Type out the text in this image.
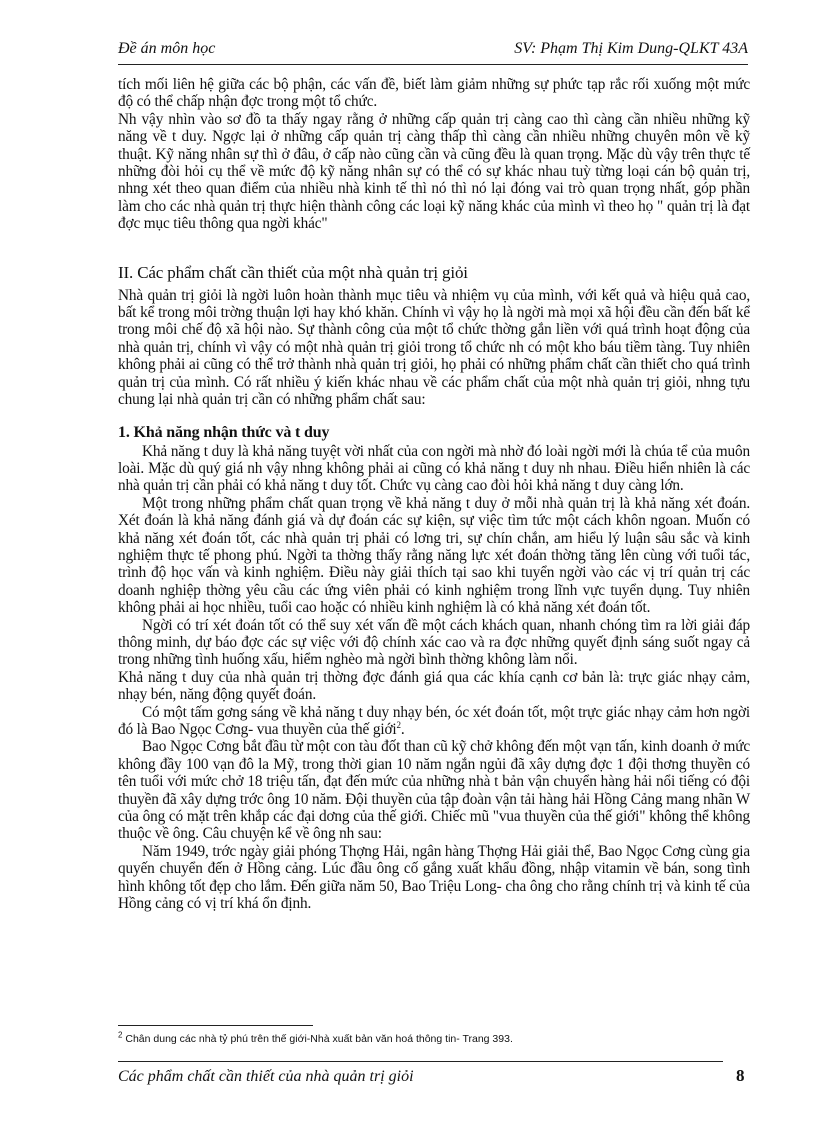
Đề án môn học	SV: Phạm Thị Kim Dung-QLKT 43A

tích mối liên hệ giữa các bộ phận, các vấn đề, biết làm giảm những sự phức tạp rắc rối xuống một mức độ có thể chấp nhận đợc trong một tổ chức.

Nh vậy nhìn vào sơ đồ ta thấy ngay rằng ở những cấp quản trị càng cao thì càng cần nhiều những kỹ năng về t duy. Ngợc lại ở những cấp quản trị càng thấp thì càng cần nhiều những chuyên môn về kỹ thuật. Kỹ năng nhân sự thì ở đâu, ở cấp nào cũng cần và cũng đều là quan trọng. Mặc dù vậy trên thực tế những đòi hỏi cụ thể về mức độ kỹ năng nhân sự có thể có sự khác nhau tuỳ từng loại cán bộ quản trị, nhng xét theo quan điểm của nhiều nhà kinh tế thì nó thì nó lại đóng vai trò quan trọng nhất, góp phần làm cho các nhà quản trị thực hiện thành công các loại kỹ năng khác của mình vì theo họ " quản trị là đạt đợc mục tiêu thông qua ngời khác"

II. Các phẩm chất cần thiết của một nhà quản trị giỏi

Nhà quản trị giỏi là ngời luôn hoàn thành mục tiêu và nhiệm vụ của mình, với kết quả và hiệu quả cao, bất kể trong môi trờng thuận lợi hay khó khăn. Chính vì vậy họ là ngời mà mọi xã hội đều cần đến bất kể trong môi chế độ xã hội nào. Sự thành công của một tổ chức thờng gắn liền với quá trình hoạt động của nhà quản trị, chính vì vậy có một nhà quản trị giỏi trong tổ chức nh có một kho báu tiềm tàng. Tuy nhiên không phải ai cũng có thể trở thành nhà quản trị giỏi, họ phải có những phẩm chất cần thiết cho quá trình quản trị của mình. Có rất nhiều ý kiến khác nhau về các phẩm chất của một nhà quản trị giỏi, nhng tựu chung lại nhà quản trị cần có những phẩm chất sau:

1. Khả năng nhận thức và t duy

Khả năng t duy là khả năng tuyệt vời nhất của con ngời mà nhờ đó loài ngời mới là chúa tể của muôn loài. Mặc dù quý giá nh vậy nhng không phải ai cũng có khả năng t duy nh nhau. Điều hiển nhiên là các nhà quản trị cần phải có khả năng t duy tốt. Chức vụ càng cao đòi hỏi khả năng t duy càng lớn.

Một trong những phẩm chất quan trọng về khả năng t duy ở mỗi nhà quản trị là khả năng xét đoán. Xét đoán là khả năng đánh giá và dự đoán các sự kiện, sự việc tìm tức một cách khôn ngoan. Muốn có khả năng xét đoán tốt, các nhà quản trị phải có lơng tri, sự chín chắn, am hiểu lý luận sâu sắc và kinh nghiệm thực tế phong phú. Ngời ta thờng thấy rằng năng lực xét đoán thờng tăng lên cùng với tuổi tác, trình độ học vấn và kinh nghiệm. Điều này giải thích tại sao khi tuyển ngời vào các vị trí quản trị các doanh nghiệp thờng yêu cầu các ứng viên phải có kinh nghiệm trong lĩnh vực tuyển dụng. Tuy nhiên không phải ai học nhiều, tuổi cao hoặc có nhiều kinh nghiệm là có khả năng xét đoán tốt.

Ngời có trí xét đoán tốt có thể suy xét vấn đề một cách khách quan, nhanh chóng tìm ra lời giải đáp thông minh, dự báo đợc các sự việc với độ chính xác cao và ra đợc những quyết định sáng suốt ngay cả trong những tình huống xấu, hiểm nghèo mà ngời bình thờng không làm nổi.

Khả năng t duy của nhà quản trị thờng đợc đánh giá qua các khía cạnh cơ bản là: trực giác nhạy cảm, nhạy bén, năng động quyết đoán.

Có một tấm gơng sáng về khả năng t duy nhạy bén, óc xét đoán tốt, một trực giác nhạy cảm hơn ngời đó là Bao Ngọc Cơng- vua thuyền của thế giới$^2$.

Bao Ngọc Cơng bắt đầu từ một con tàu đốt than cũ kỹ chở không đến một vạn tấn, kinh doanh ở mức không đầy 100 vạn đô la Mỹ, trong thời gian 10 năm ngắn ngủi đã xây dựng đợc 1 đội thơng thuyền có tên tuổi với mức chở 18 triệu tấn, đạt đến mức của những nhà t bản vận chuyển hàng hải nổi tiếng có đội thuyền đã xây dựng trớc ông 10 năm. Đội thuyền của tập đoàn vận tải hàng hải Hồng Cảng mang nhãn W của ông có mặt trên khắp các đại dơng của thế giới. Chiếc mũ "vua thuyền của thế giới" không thể không thuộc về ông. Câu chuyện kể về ông nh sau:

Năm 1949, trớc ngày giải phóng Thợng Hải, ngân hàng Thợng Hải giải thể, Bao Ngọc Cơng cùng gia quyến chuyển đến ở Hồng cảng. Lúc đầu ông cố gắng xuất khẩu đồng, nhập vitamin về bán, song tình hình không tốt đẹp cho lắm. Đến giữa năm 50, Bao Triệu Long- cha ông cho rằng chính trị và kinh tế của Hồng cảng có vị trí khá ổn định.

$^2$ Chân dung các nhà tỷ phú trên thế giới-Nhà xuất bản văn hoá thông tin- Trang 393.
Các phẩm chất cần thiết của nhà quản trị giỏi	8
